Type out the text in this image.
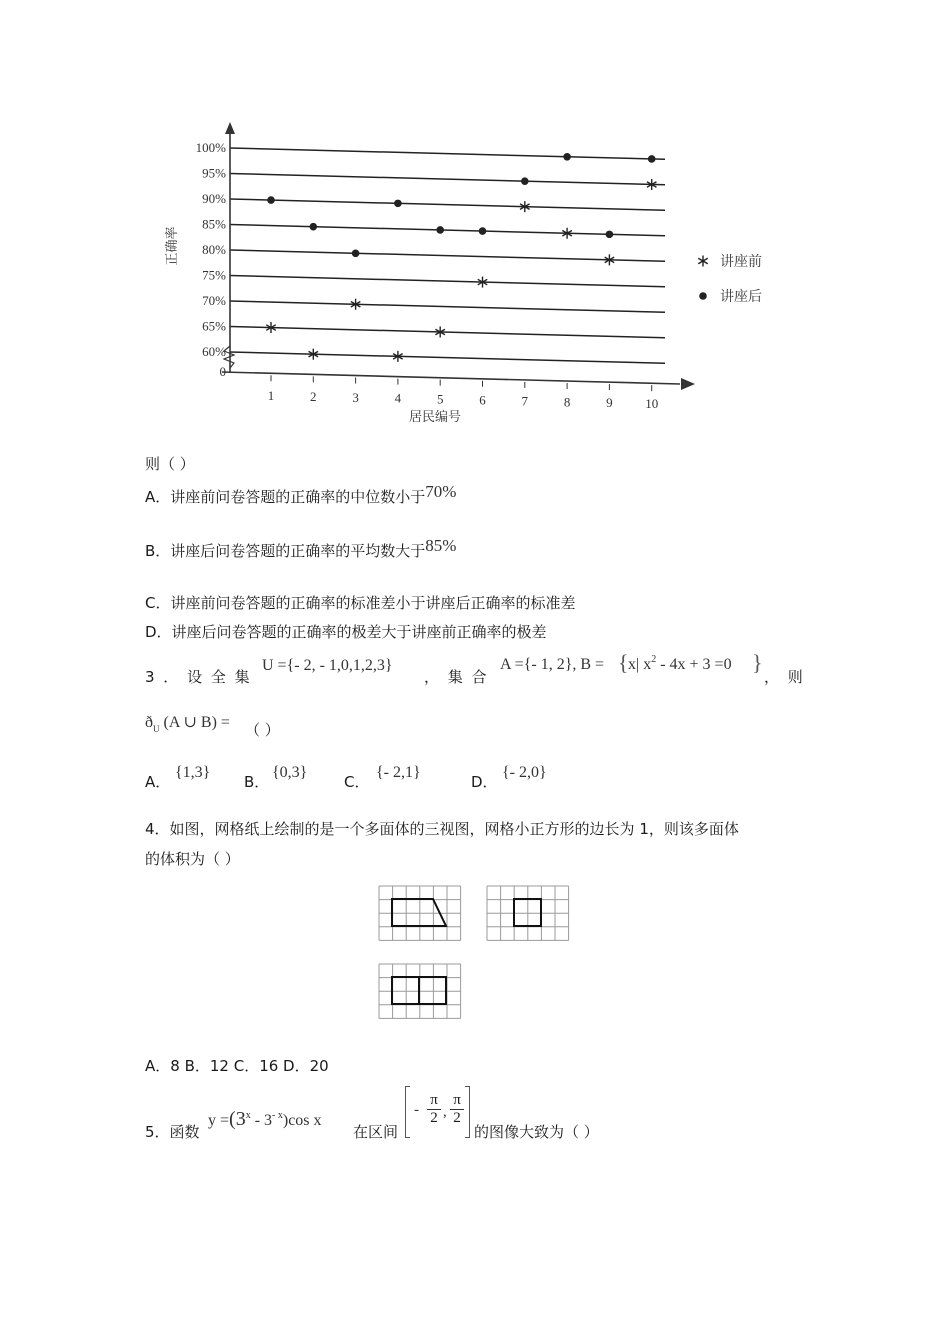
0
60%
65%
70%
75%
80%
85%
90%
95%
100%
1	2	3	4	5	6	7	8	9	10
正确率
居民编号
讲座前
讲座后
则（ ）
A．讲座前问卷答题的正确率的中位数小于70%
B．讲座后问卷答题的正确率的平均数大于85%
C．讲座前问卷答题的正确率的标准差小于讲座后正确率的标准差
D．讲座后问卷答题的正确率的极差大于讲座前正确率的极差
3 ． 设 全 集
U ={- 2, - 1,0,1,2,3}
， 集 合
A ={- 1, 2}, B = { x| $x^2 - 4x + 3 =0$ }
， 则
$ð_U$ (A ∪ B) = （ ）
A．
{1,3}
B．
{0,3}
C．
{- 2,1}
D．
{- 2,0}
4．如图，网格纸上绘制的是一个多面体的三视图，网格小正方形的边长为 1，则该多面体
的体积为（ ）
A．8 B．12 C．16 D．20
5．函数
$y =(3^x - 3^{- x})\cos$ x
在区间
- $\frac{\pi}{2}$ , $\frac{\pi}{2}$
的图像大致为（ ）
